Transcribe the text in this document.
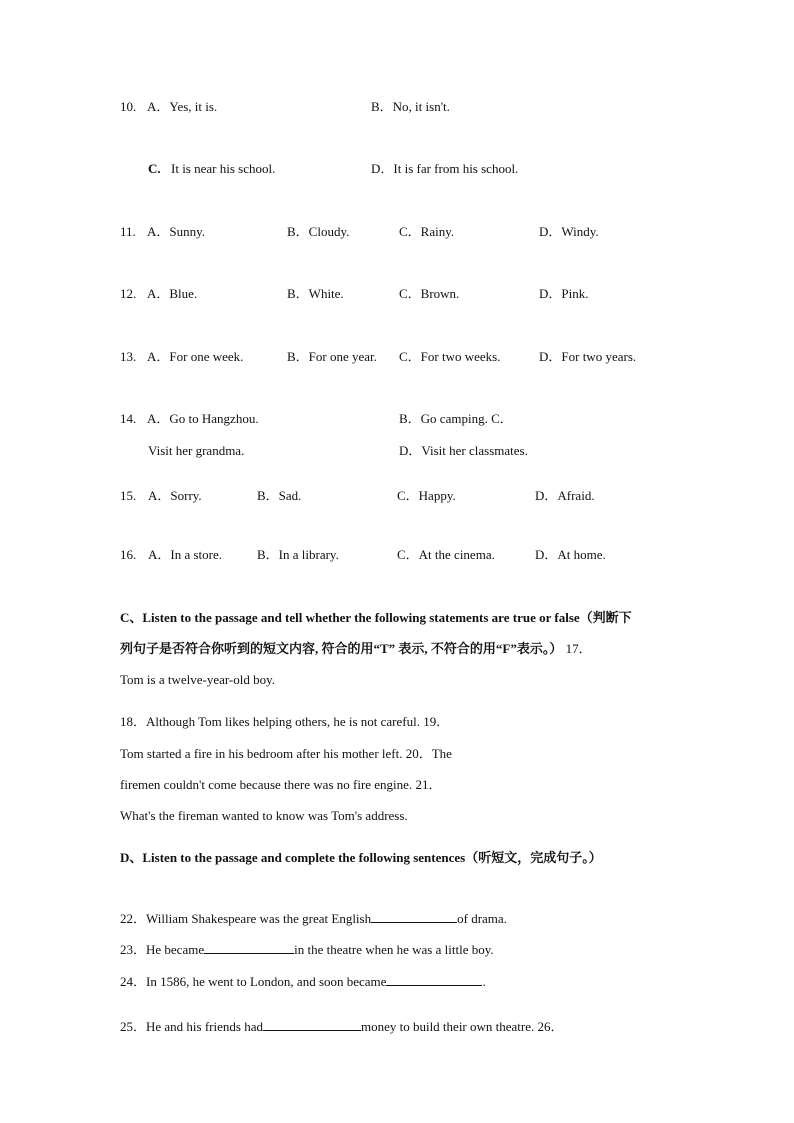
10. A．Yes, it is.	B．No, it isn't.
C. It is near his school.	D．It is far from his school.
11. A．Sunny.	B．Cloudy.	C．Rainy.	D．Windy.
12. A．Blue.	B．White.	C．Brown.	D．Pink.
13. A．For one week.	B．For one year. C．For two weeks.	D．For two years.
14. A．Go to Hangzhou.	B．Go camping. C．
Visit her grandma.	D．Visit her classmates.
15. A．Sorry.	B．Sad.	C．Happy.	D．Afraid.
16. A．In a store.	B．In a library.	C．At the cinema.	D．At home.
C、Listen to the passage and tell whether the following statements are true or false（判断下
列句子是否符合你听到的短文内容, 符合的用“T” 表示, 不符合的用“F”表示。） 17．
Tom is a twelve-year-old boy.
18．Although Tom likes helping others, he is not careful. 19．
Tom started a fire in his bedroom after his mother left. 20．The
firemen couldn't come because there was no fire engine. 21．
What's the fireman wanted to know was Tom's address.
D、Listen to the passage and complete the following sentences（听短文，完成句子。）
22．William Shakespeare was the great English	of drama.
23．He became	in the theatre when he was a little boy.
24．In 1586, he went to London, and soon became	.
25．He and his friends had	money to build their own theatre. 26．
